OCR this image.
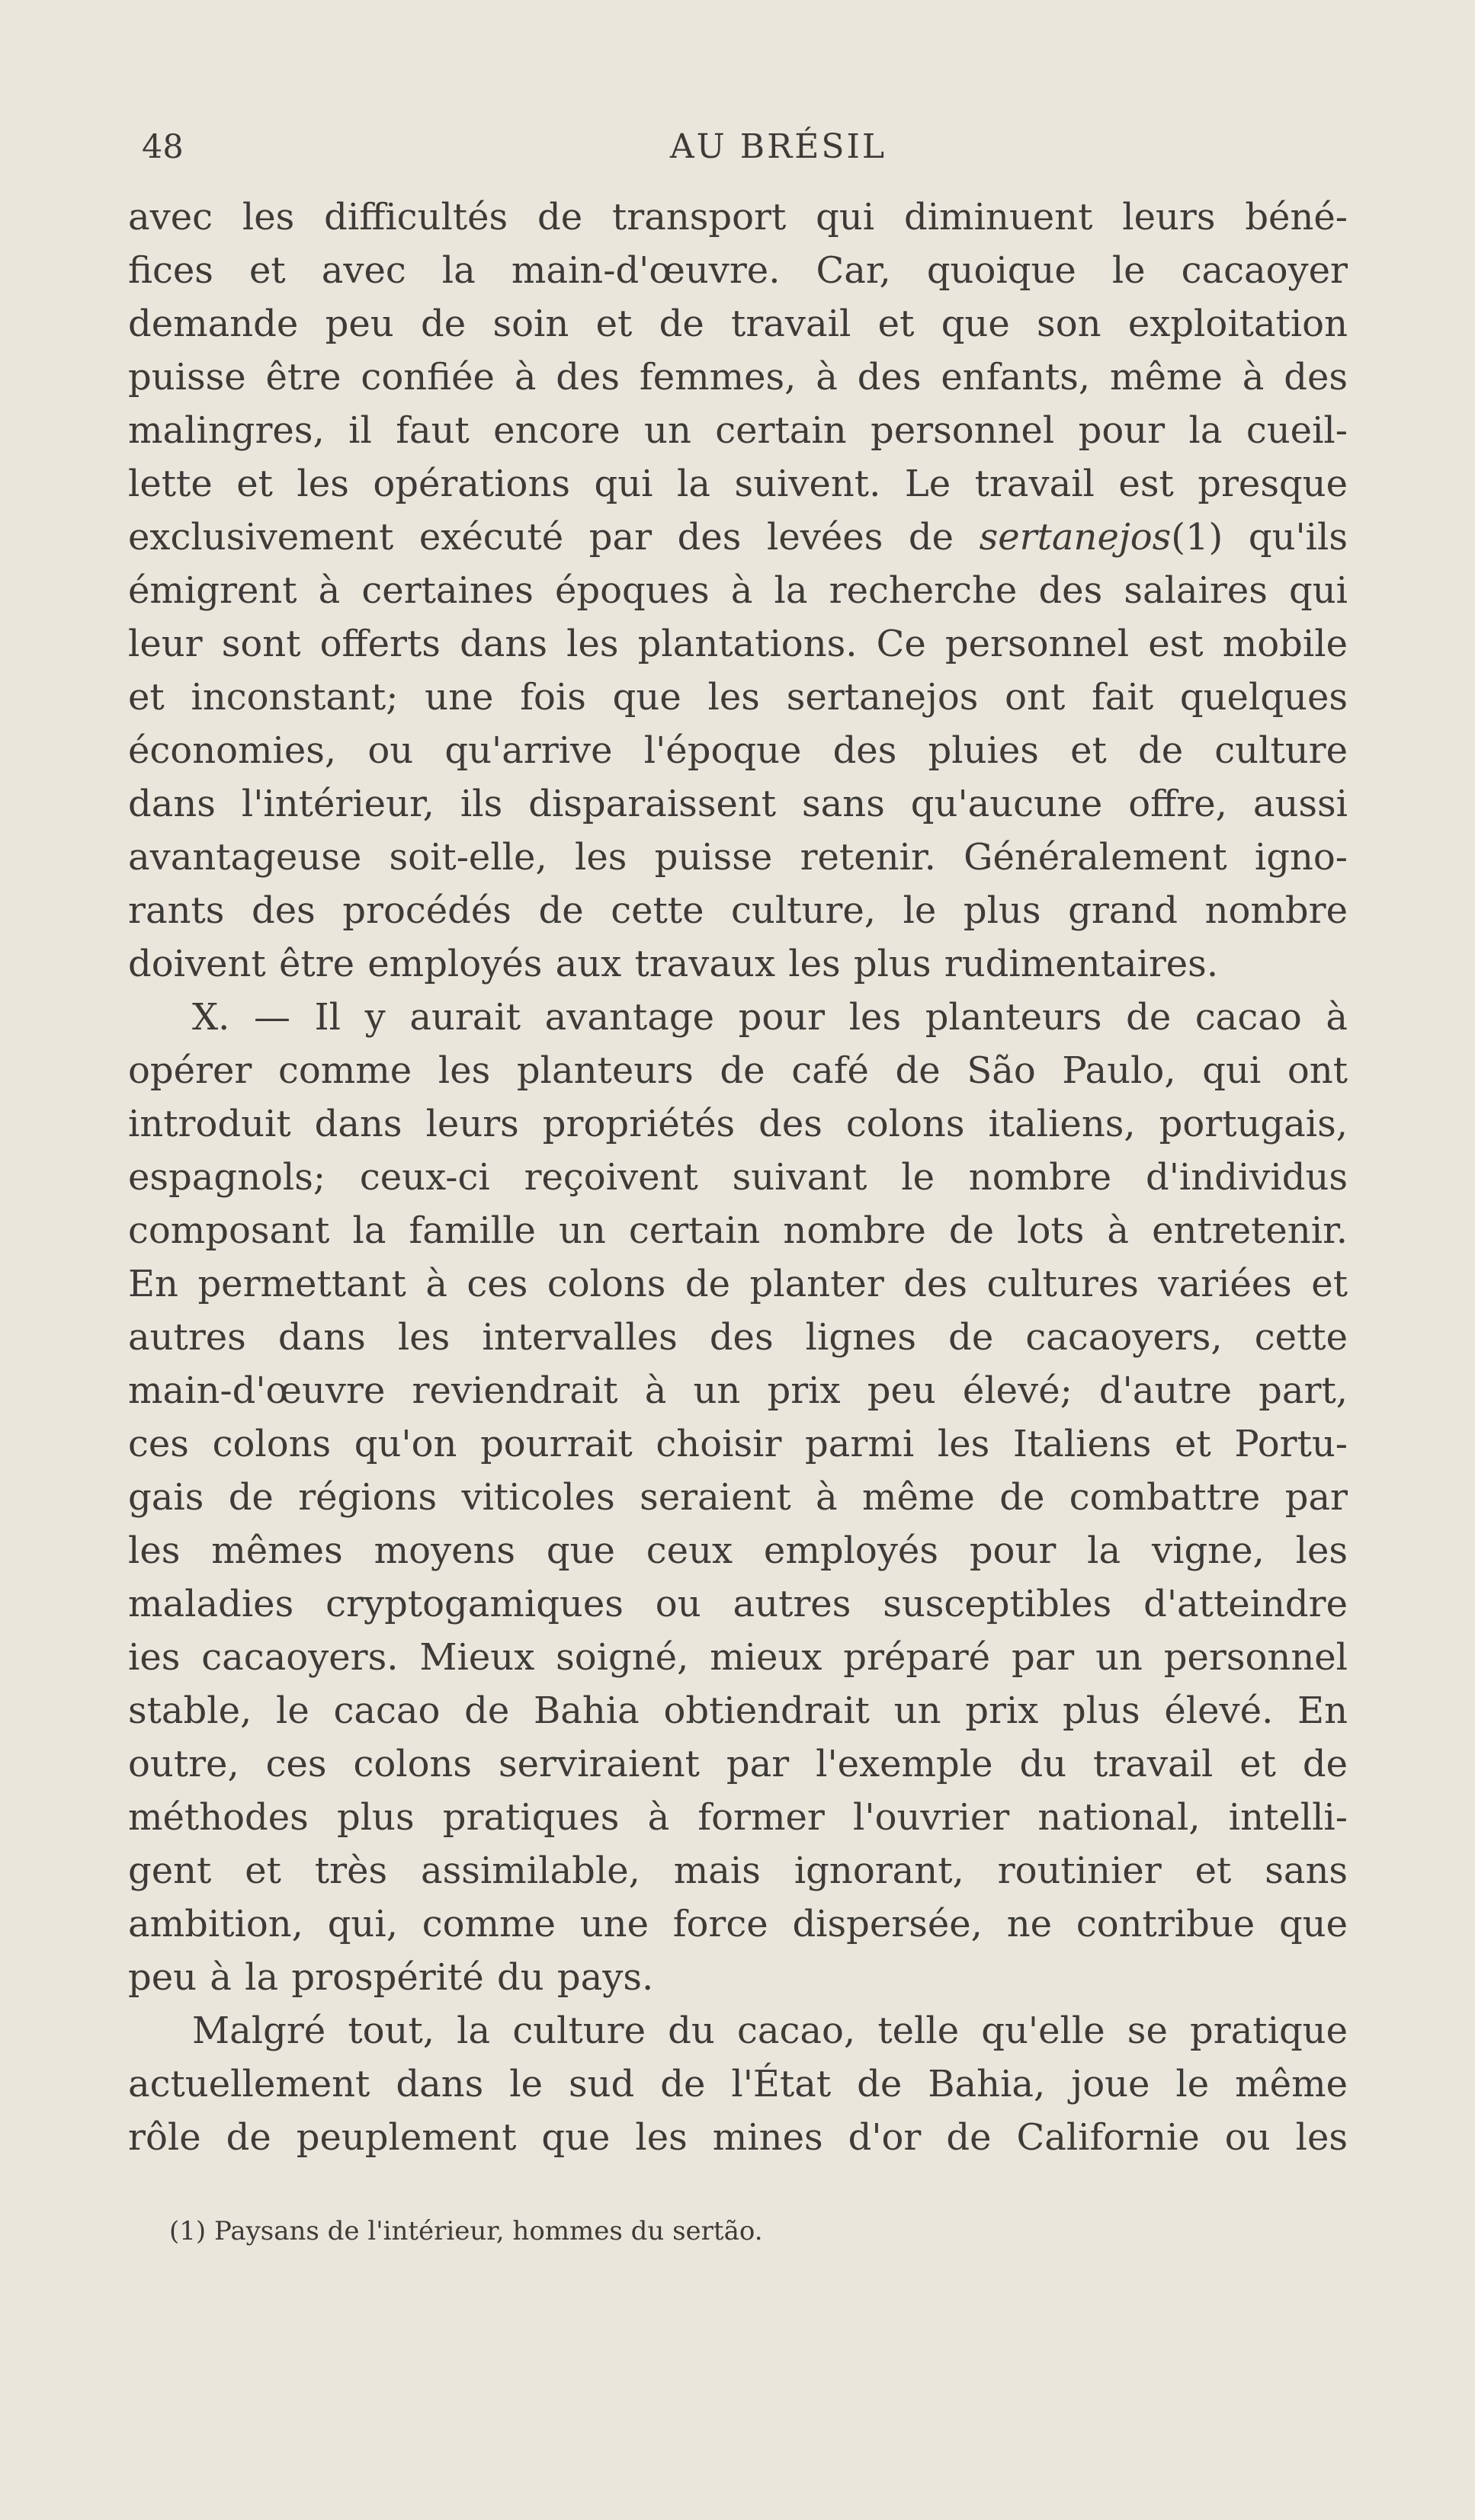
48	AU BRÉSIL
avec les difficultés de transport qui diminuent leurs béné-
fices et avec la main-d'œuvre. Car, quoique le cacaoyer
demande peu de soin et de travail et que son exploitation
puisse être confiée à des femmes, à des enfants, même à des
malingres, il faut encore un certain personnel pour la cueil-
lette et les opérations qui la suivent. Le travail est presque
exclusivement exécuté par des levées de sertanejos(1) qu'ils
émigrent à certaines époques à la recherche des salaires qui
leur sont offerts dans les plantations. Ce personnel est mobile
et inconstant; une fois que les sertanejos ont fait quelques
économies, ou qu'arrive l'époque des pluies et de culture
dans l'intérieur, ils disparaissent sans qu'aucune offre, aussi
avantageuse soit-elle, les puisse retenir. Généralement igno-
rants des procédés de cette culture, le plus grand nombre
doivent être employés aux travaux les plus rudimentaires.
X. — Il y aurait avantage pour les planteurs de cacao à
opérer comme les planteurs de café de São Paulo, qui ont
introduit dans leurs propriétés des colons italiens, portugais,
espagnols; ceux-ci reçoivent suivant le nombre d'individus
composant la famille un certain nombre de lots à entretenir.
En permettant à ces colons de planter des cultures variées et
autres dans les intervalles des lignes de cacaoyers, cette
main-d'œuvre reviendrait à un prix peu élevé; d'autre part,
ces colons qu'on pourrait choisir parmi les Italiens et Portu-
gais de régions viticoles seraient à même de combattre par
les mêmes moyens que ceux employés pour la vigne, les
maladies cryptogamiques ou autres susceptibles d'atteindre
ies cacaoyers. Mieux soigné, mieux préparé par un personnel
stable, le cacao de Bahia obtiendrait un prix plus élevé. En
outre, ces colons serviraient par l'exemple du travail et de
méthodes plus pratiques à former l'ouvrier national, intelli-
gent et très assimilable, mais ignorant, routinier et sans
ambition, qui, comme une force dispersée, ne contribue que
peu à la prospérité du pays.
Malgré tout, la culture du cacao, telle qu'elle se pratique
actuellement dans le sud de l'État de Bahia, joue le même
rôle de peuplement que les mines d'or de Californie ou les
(1) Paysans de l'intérieur, hommes du sertão.
